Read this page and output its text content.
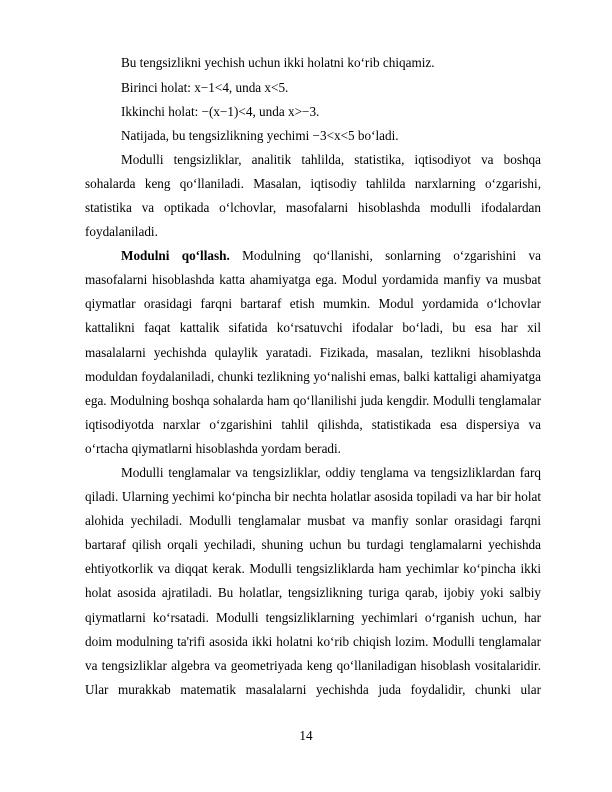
Bu tengsizlikni yechish uchun ikki holatni ko‘rib chiqamiz.
Birinci holat: x−1<4, unda x<5.
Ikkinchi holat: −(x−1)<4, unda x>−3.
Natijada, bu tengsizlikning yechimi −3<x<5 bo‘ladi.
Modulli tengsizliklar, analitik tahlilda, statistika, iqtisodiyot va boshqa
sohalarda keng qo‘llaniladi. Masalan, iqtisodiy tahlilda narxlarning o‘zgarishi,
statistika va optikada o‘lchovlar, masofalarni hisoblashda modulli ifodalardan
foydalaniladi.
Modulni qo‘llash. Modulning qo‘llanishi, sonlarning o‘zgarishini va
masofalarni hisoblashda katta ahamiyatga ega. Modul yordamida manfiy va musbat
qiymatlar orasidagi farqni bartaraf etish mumkin. Modul yordamida o‘lchovlar
kattalikni faqat kattalik sifatida ko‘rsatuvchi ifodalar bo‘ladi, bu esa har xil
masalalarni yechishda qulaylik yaratadi. Fizikada, masalan, tezlikni hisoblashda
moduldan foydalaniladi, chunki tezlikning yo‘nalishi emas, balki kattaligi ahamiyatga
ega. Modulning boshqa sohalarda ham qo‘llanilishi juda kengdir. Modulli tenglamalar
iqtisodiyotda narxlar o‘zgarishini tahlil qilishda, statistikada esa dispersiya va
o‘rtacha qiymatlarni hisoblashda yordam beradi.
Modulli tenglamalar va tengsizliklar, oddiy tenglama va tengsizliklardan farq
qiladi. Ularning yechimi ko‘pincha bir nechta holatlar asosida topiladi va har bir holat
alohida yechiladi. Modulli tenglamalar musbat va manfiy sonlar orasidagi farqni
bartaraf qilish orqali yechiladi, shuning uchun bu turdagi tenglamalarni yechishda
ehtiyotkorlik va diqqat kerak. Modulli tengsizliklarda ham yechimlar ko‘pincha ikki
holat asosida ajratiladi. Bu holatlar, tengsizlikning turiga qarab, ijobiy yoki salbiy
qiymatlarni ko‘rsatadi. Modulli tengsizliklarning yechimlari o‘rganish uchun, har
doim modulning ta'rifi asosida ikki holatni ko‘rib chiqish lozim. Modulli tenglamalar
va tengsizliklar algebra va geometriyada keng qo‘llaniladigan hisoblash vositalaridir.
Ular murakkab matematik masalalarni yechishda juda foydalidir, chunki ular
14
